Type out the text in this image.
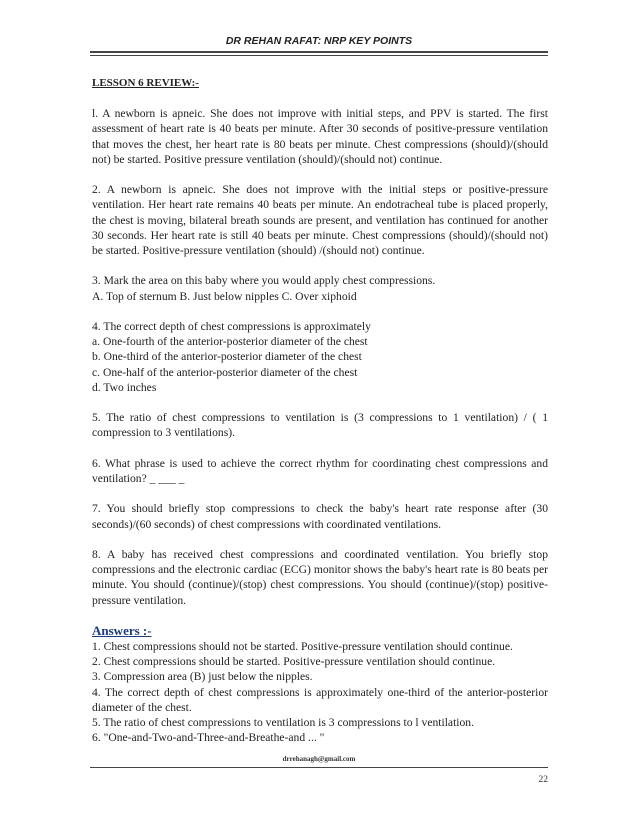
DR REHAN RAFAT: NRP KEY POINTS
LESSON 6 REVIEW:-

l. A newborn is apneic. She does not improve with initial steps, and PPV is started. The first assessment of heart rate is 40 beats per minute. After 30 seconds of positive-pressure ventilation that moves the chest, her heart rate is 80 beats per minute. Chest compressions (should)/(should not) be started. Positive pressure ventilation (should)/(should not) continue.

2. A newborn is apneic. She does not improve with the initial steps or positive-pressure ventilation. Her heart rate remains 40 beats per minute. An endotracheal tube is placed properly, the chest is moving, bilateral breath sounds are present, and ventilation has continued for another 30 seconds. Her heart rate is still 40 beats per minute. Chest compressions (should)/(should not) be started. Positive-pressure ventilation (should) /(should not) continue.

3. Mark the area on this baby where you would apply chest compressions.

A. Top of sternum B. Just below nipples C. Over xiphoid

4. The correct depth of chest compressions is approximately

a. One-fourth of the anterior-posterior diameter of the chest

b. One-third of the anterior-posterior diameter of the chest

c. One-half of the anterior-posterior diameter of the chest

d. Two inches

5. The ratio of chest compressions to ventilation is (3 compressions to 1 ventilation) / ( 1 compression to 3 ventilations).

6. What phrase is used to achieve the correct rhythm for coordinating chest compressions and ventilation? _ ___ _

7. You should briefly stop compressions to check the baby's heart rate response after (30 seconds)/(60 seconds) of chest compressions with coordinated ventilations.

8. A baby has received chest compressions and coordinated ventilation. You briefly stop compressions and the electronic cardiac (ECG) monitor shows the baby's heart rate is 80 beats per minute. You should (continue)/(stop) chest compressions. You should (continue)/(stop) positive-pressure ventilation.

Answers :-

1. Chest compressions should not be started. Positive-pressure ventilation should continue.

2. Chest compressions should be started. Positive-pressure ventilation should continue.

3. Compression area (B) just below the nipples.

4. The correct depth of chest compressions is approximately one-third of the anterior-posterior diameter of the chest.

5. The ratio of chest compressions to ventilation is 3 compressions to l ventilation.

6. "One-and-Two-and-Three-and-Breathe-and ... "

drrehanagh@gmail.com
22
